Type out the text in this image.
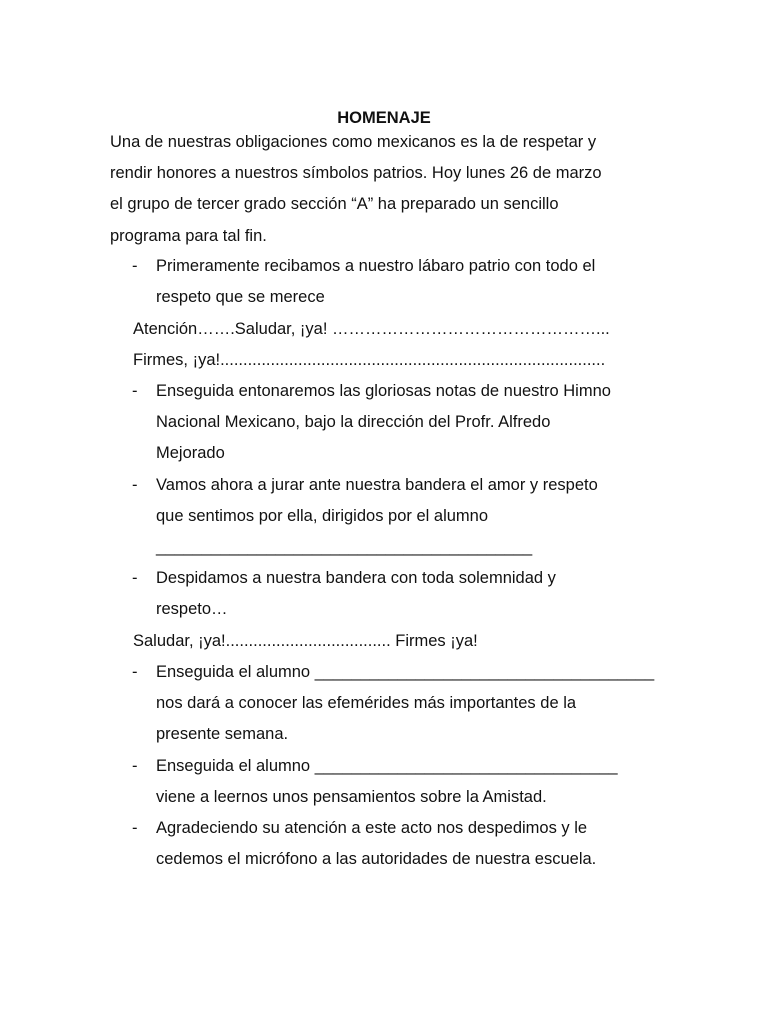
HOMENAJE
Una de nuestras obligaciones como mexicanos es la de respetar y
rendir honores a nuestros símbolos patrios. Hoy lunes 26 de marzo
el grupo de tercer grado sección “A” ha preparado un sencillo
programa para tal fin.
-	Primeramente recibamos a nuestro lábaro patrio con todo el
respeto que se merece
Atención…….Saludar, ¡ya! …………………………………………...
Firmes, ¡ya!....................................................................................
-	Enseguida entonaremos las gloriosas notas de nuestro Himno
Nacional Mexicano, bajo la dirección del Profr. Alfredo
Mejorado
-	Vamos ahora a jurar ante nuestra bandera el amor y respeto
que sentimos por ella, dirigidos por el alumno
_________________________________________
-	Despidamos a nuestra bandera con toda solemnidad y
respeto…
Saludar, ¡ya!.................................... Firmes ¡ya!
-	Enseguida el alumno _____________________________________
nos dará a conocer las efemérides más importantes de la
presente semana.
-	Enseguida el alumno _________________________________
viene a leernos unos pensamientos sobre la Amistad.
-	Agradeciendo su atención a este acto nos despedimos y le
cedemos el micrófono a las autoridades de nuestra escuela.
